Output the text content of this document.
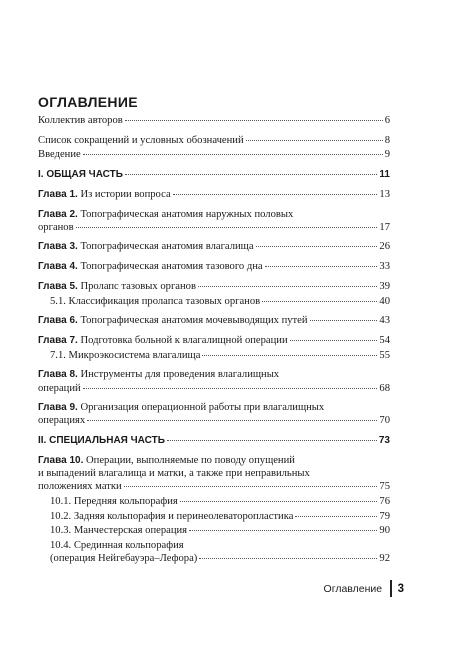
ОГЛАВЛЕНИЕ
Коллектив авторов	6
Список сокращений и условных обозначений	8
Введение	9
I. ОБЩАЯ ЧАСТЬ	11
Глава 1. Из истории вопроса	13
Глава 2. Топографическая анатомия наружных половых
органов	17
Глава 3. Топографическая анатомия влагалища	26
Глава 4. Топографическая анатомия тазового дна	33
Глава 5. Пролапс тазовых органов	39
5.1. Классификация пролапса тазовых органов	40
Глава 6. Топографическая анатомия мочевыводящих путей	43
Глава 7. Подготовка больной к влагалищной операции	54
7.1. Микроэкосистема влагалища	55
Глава 8. Инструменты для проведения влагалищных
операций	68
Глава 9. Организация операционной работы при влагалищных
операциях	70
II. СПЕЦИАЛЬНАЯ ЧАСТЬ	73
Глава 10. Операции, выполняемые по поводу опущений
и выпадений влагалища и матки, а также при неправильных
положениях матки	75
10.1. Передняя кольпорафия	76
10.2. Задняя кольпорафия и перинеолеваторопластика	79
10.3. Манчестерская операция	90
10.4. Срединная кольпорафия
(операция Нейгебауэра–Лефора)	92
Оглавление 3
